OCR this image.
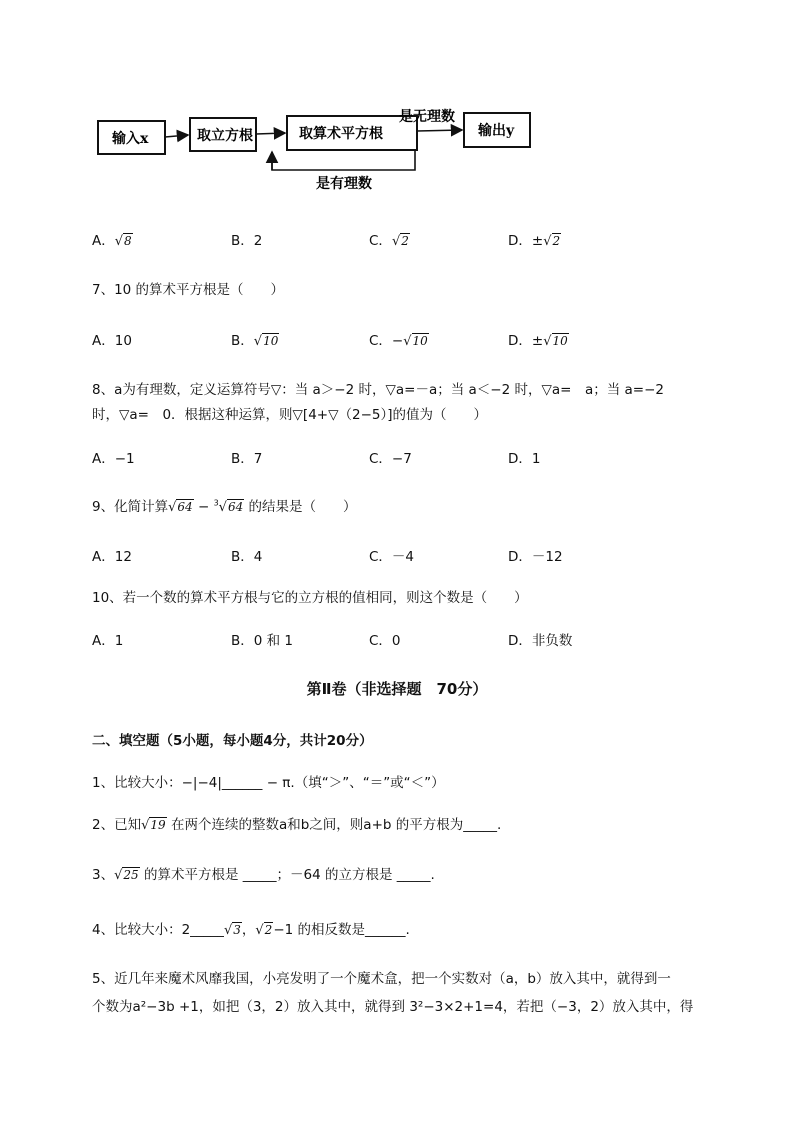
输入x	取立方根	取算术平方根	输出y
是无理数
是有理数
A．√8	B．2	C．√2	D．±√2
7、10 的算术平方根是（　　）
A．10	B．√10	C．−√10	D．±√10
8、a为有理数，定义运算符号▽：当 a＞−2 时，▽a=－a；当 a＜−2 时，▽a=　a；当 a=−2
时，▽a=　0．根据这种运算，则▽[4+▽（2−5）]的值为（　　）
A．−1	B．7	C．−7	D．1
9、化简计算√64 − $^3$√64 的结果是（　　）
A．12	B．4	C．－4	D．－12
10、若一个数的算术平方根与它的立方根的值相同，则这个数是（　　）
A．1	B．0 和 1	C．0	D．非负数
第Ⅱ卷（非选择题　70分）
二、填空题（5小题，每小题4分，共计20分）
1、比较大小：−|−4|______ − π.（填“＞”、“＝”或“＜”）
2、已知√19 在两个连续的整数a和b之间，则a+b 的平方根为_____.
3、√25 的算术平方根是 _____；－64 的立方根是 _____.
4、比较大小：2_____√3，√2−1 的相反数是______.
5、近几年来魔术风靡我国，小亮发明了一个魔术盒，把一个实数对（a，b）放入其中，就得到一
个数为a²−3b +1，如把（3，2）放入其中，就得到 3²−3×2+1=4，若把（−3，2）放入其中，得
